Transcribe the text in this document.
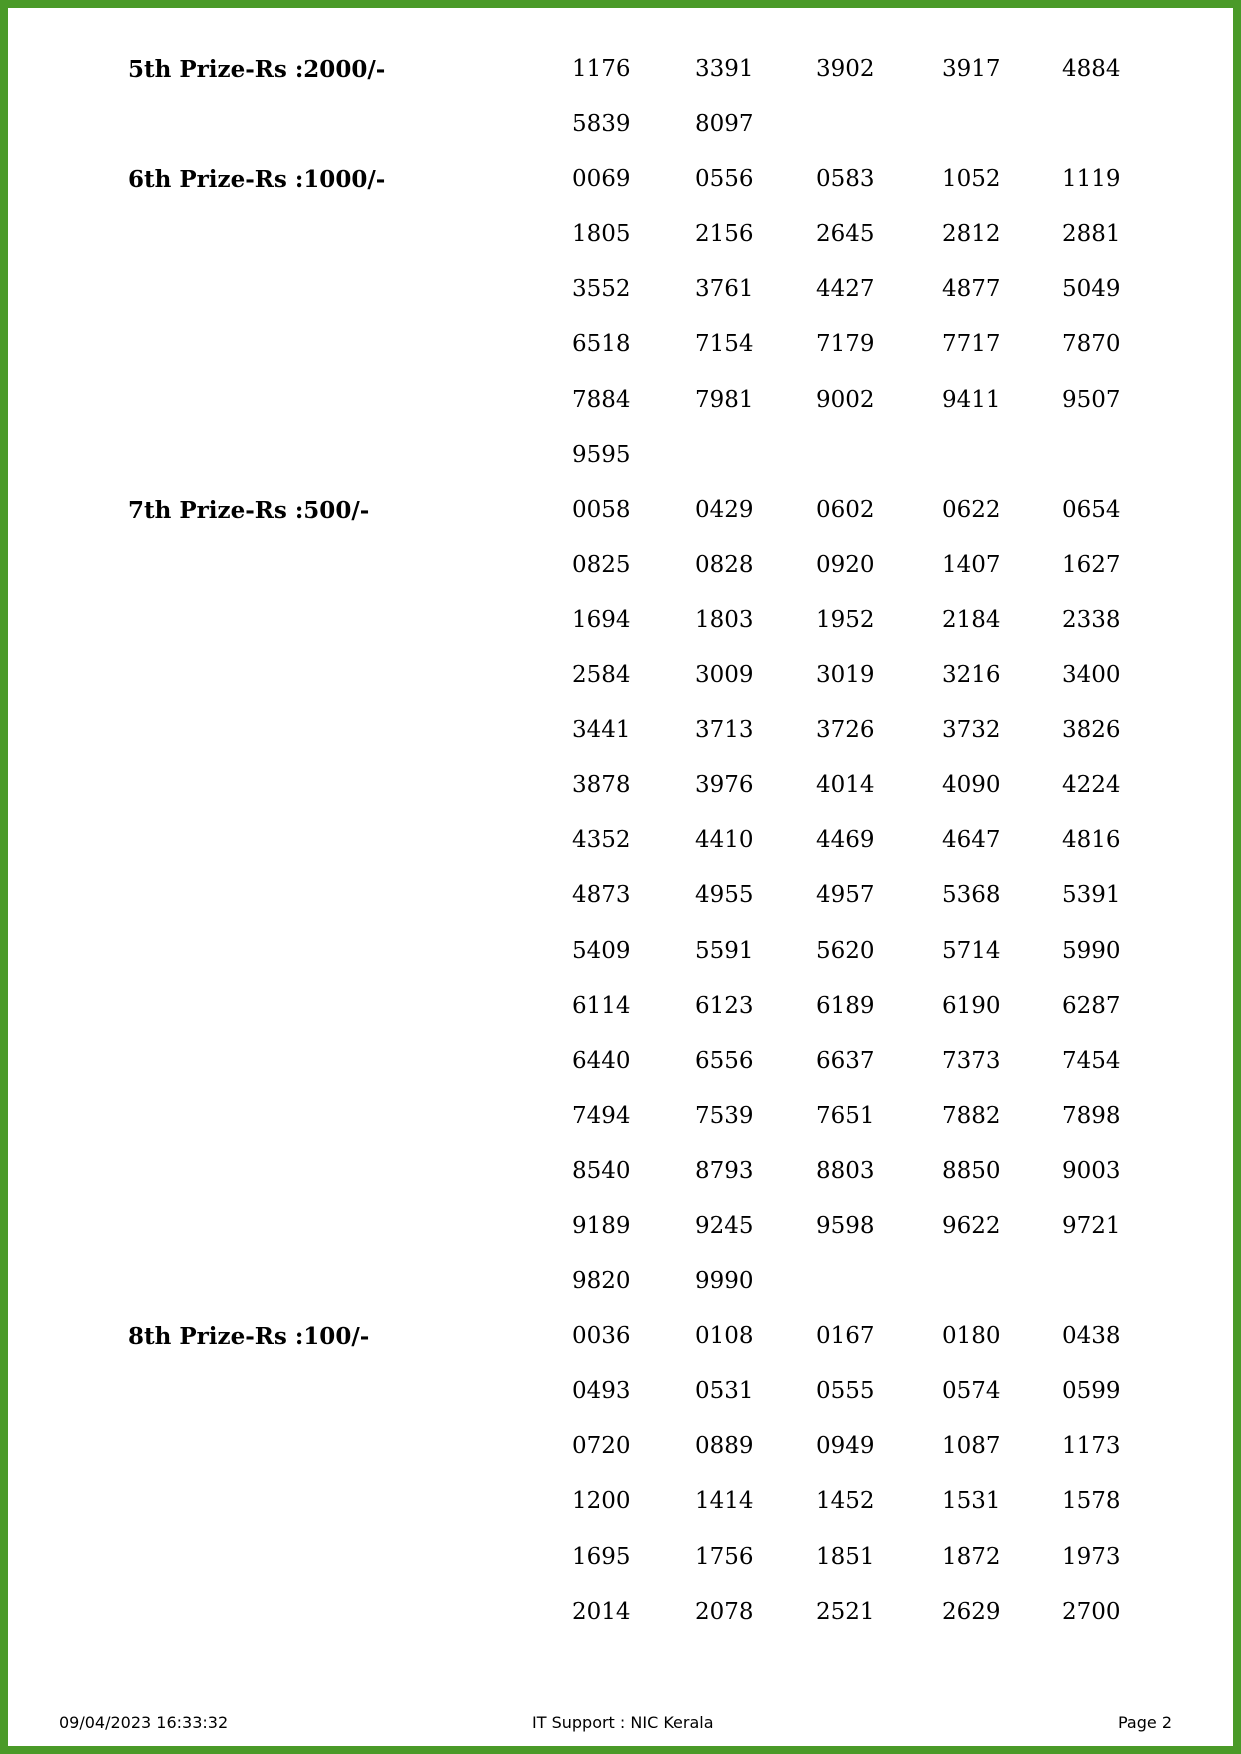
5th Prize-Rs :2000/-	1176	3391	3902	3917	4884
5839	8097
6th Prize-Rs :1000/-	0069	0556	0583	1052	1119
1805	2156	2645	2812	2881
3552	3761	4427	4877	5049
6518	7154	7179	7717	7870
7884	7981	9002	9411	9507
9595
7th Prize-Rs :500/-	0058	0429	0602	0622	0654
0825	0828	0920	1407	1627
1694	1803	1952	2184	2338
2584	3009	3019	3216	3400
3441	3713	3726	3732	3826
3878	3976	4014	4090	4224
4352	4410	4469	4647	4816
4873	4955	4957	5368	5391
5409	5591	5620	5714	5990
6114	6123	6189	6190	6287
6440	6556	6637	7373	7454
7494	7539	7651	7882	7898
8540	8793	8803	8850	9003
9189	9245	9598	9622	9721
9820	9990
8th Prize-Rs :100/-	0036	0108	0167	0180	0438
0493	0531	0555	0574	0599
0720	0889	0949	1087	1173
1200	1414	1452	1531	1578
1695	1756	1851	1872	1973
2014	2078	2521	2629	2700
09/04/2023 16:33:32	IT Support : NIC Kerala	Page 2
